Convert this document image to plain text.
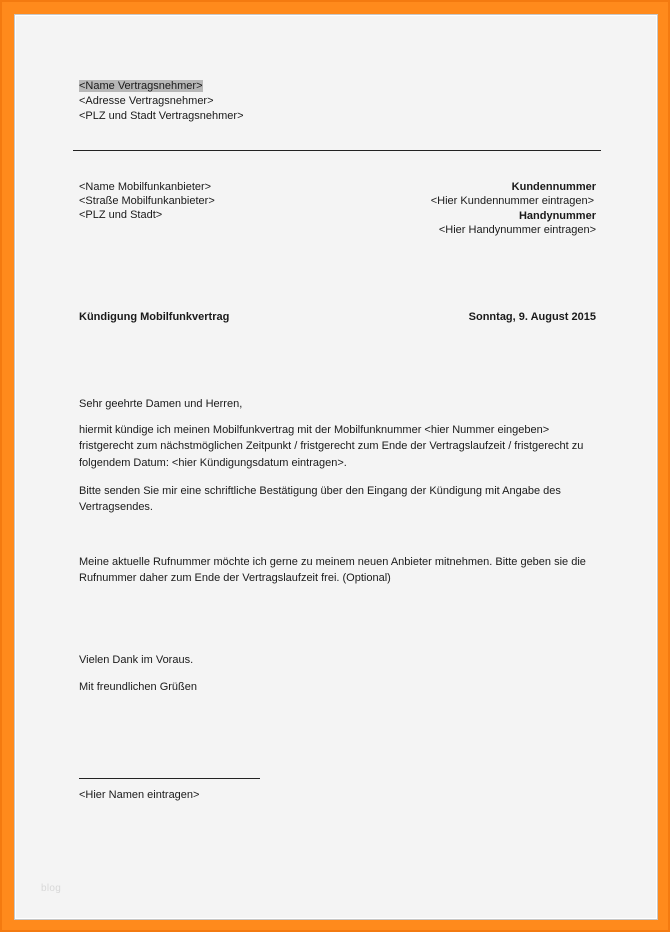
<Name Vertragsnehmer>
<Adresse Vertragsnehmer>
<PLZ und Stadt Vertragsnehmer>
<Name Mobilfunkanbieter>
<Straße Mobilfunkanbieter>
<PLZ und Stadt>
Kundennummer
<Hier Kundennummer eintragen>
Handynummer
<Hier Handynummer eintragen>
Kündigung Mobilfunkvertrag	Sonntag, 9. August 2015
Sehr geehrte Damen und Herren,
hiermit kündige ich meinen Mobilfunkvertrag mit der Mobilfunknummer <hier Nummer eingeben>
fristgerecht zum nächstmöglichen Zeitpunkt / fristgerecht zum Ende der Vertragslaufzeit / fristgerecht zu
folgendem Datum: <hier Kündigungsdatum eintragen>.
Bitte senden Sie mir eine schriftliche Bestätigung über den Eingang der Kündigung mit Angabe des
Vertragsendes.
Meine aktuelle Rufnummer möchte ich gerne zu meinem neuen Anbieter mitnehmen. Bitte geben sie die
Rufnummer daher zum Ende der Vertragslaufzeit frei. (Optional)
Vielen Dank im Voraus.
Mit freundlichen Grüßen
<Hier Namen eintragen>
blog
